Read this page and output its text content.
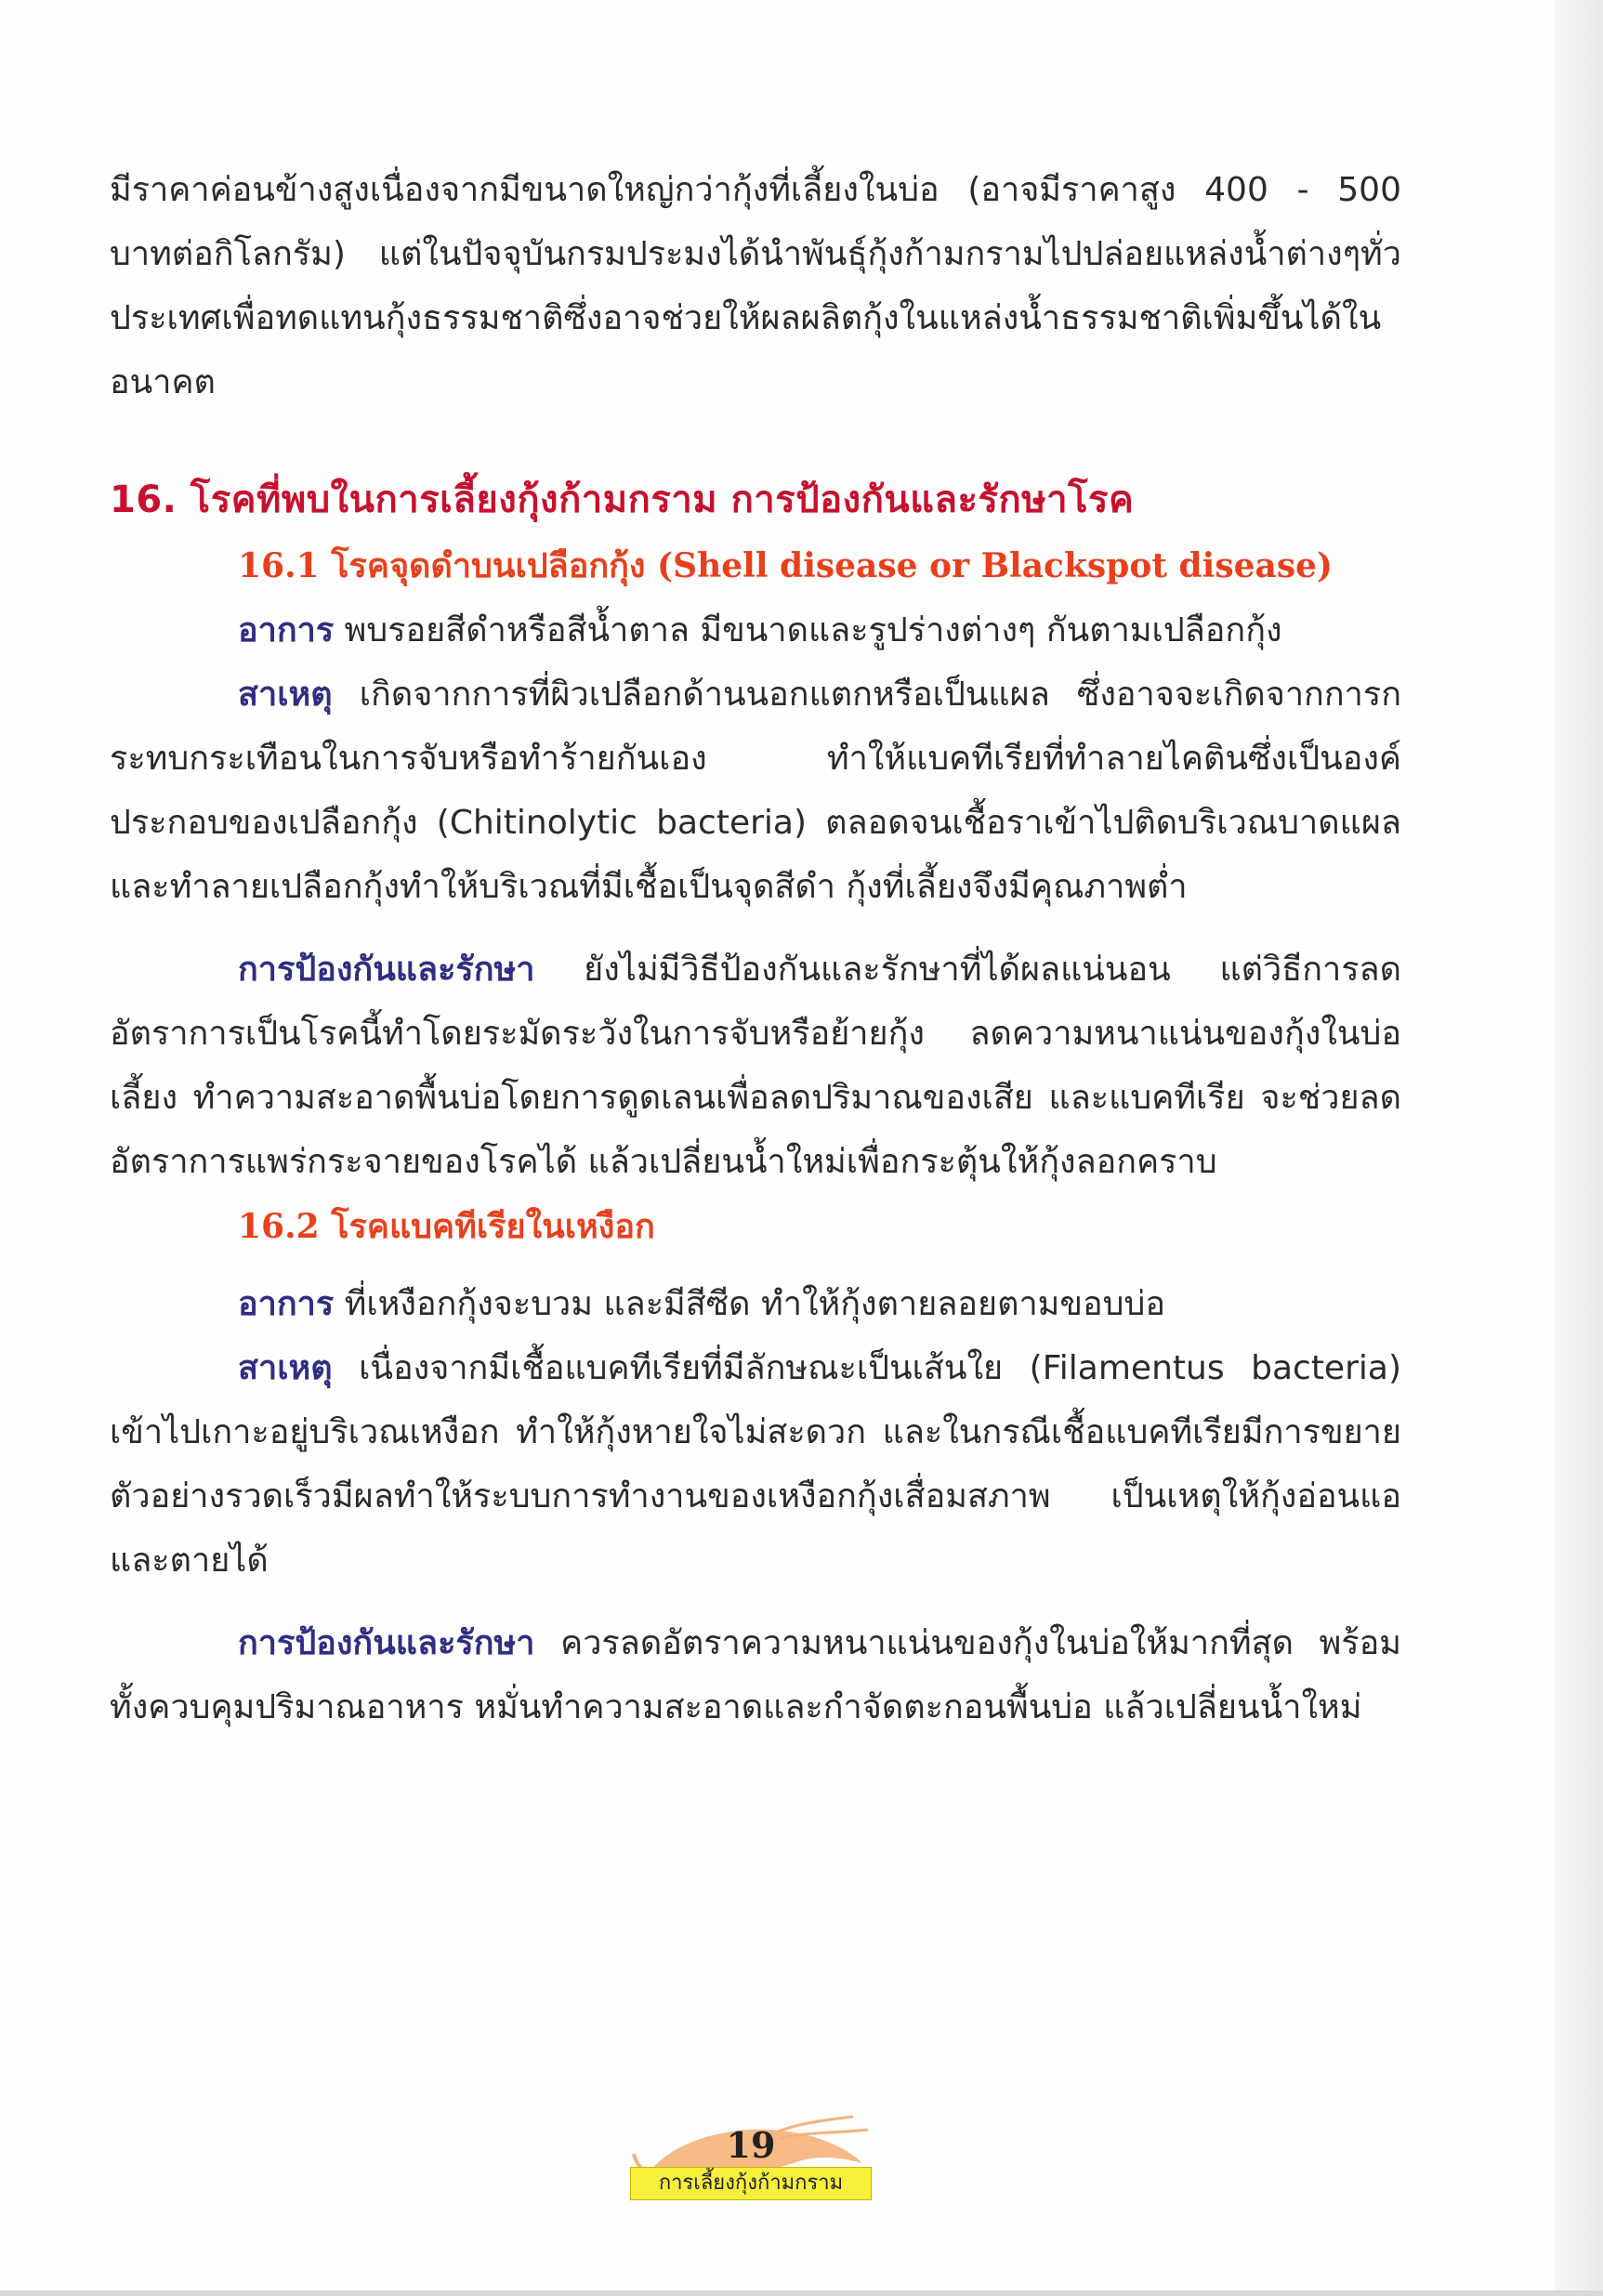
มีราคาค่อนข้างสูงเนื่องจากมีขนาดใหญ่กว่ากุ้งที่เลี้ยงในบ่อ (อาจมีราคาสูง 400 - 500 บาทต่อกิโลกรัม) แต่ในปัจจุบันกรมประมงได้นำพันธุ์กุ้งก้ามกรามไปปล่อยแหล่งน้ำต่างๆทั่วประเทศเพื่อทดแทนกุ้งธรรมชาติซึ่งอาจช่วยให้ผลผลิตกุ้งในแหล่งน้ำธรรมชาติเพิ่มขึ้นได้ในอนาคต

16. โรคที่พบในการเลี้ยงกุ้งก้ามกราม การป้องกันและรักษาโรค
16.1 โรคจุดดำบนเปลือกกุ้ง (Shell disease or Blackspot disease)

อาการ พบรอยสีดำหรือสีน้ำตาล มีขนาดและรูปร่างต่างๆ กันตามเปลือกกุ้ง

สาเหตุ เกิดจากการที่ผิวเปลือกด้านนอกแตกหรือเป็นแผล ซึ่งอาจจะเกิดจากการกระทบกระเทือนในการจับหรือทำร้ายกันเอง ทำให้แบคทีเรียที่ทำลายไคตินซึ่งเป็นองค์ประกอบของเปลือกกุ้ง (Chitinolytic bacteria) ตลอดจนเชื้อราเข้าไปติดบริเวณบาดแผลและทำลายเปลือกกุ้งทำให้บริเวณที่มีเชื้อเป็นจุดสีดำ กุ้งที่เลี้ยงจึงมีคุณภาพต่ำ

การป้องกันและรักษา ยังไม่มีวิธีป้องกันและรักษาที่ได้ผลแน่นอน แต่วิธีการลดอัตราการเป็นโรคนี้ทำโดยระมัดระวังในการจับหรือย้ายกุ้ง ลดความหนาแน่นของกุ้งในบ่อเลี้ยง ทำความสะอาดพื้นบ่อโดยการดูดเลนเพื่อลดปริมาณของเสีย และแบคทีเรีย จะช่วยลดอัตราการแพร่กระจายของโรคได้ แล้วเปลี่ยนน้ำใหม่เพื่อกระตุ้นให้กุ้งลอกคราบ

16.2 โรคแบคทีเรียในเหงือก

อาการ ที่เหงือกกุ้งจะบวม และมีสีซีด ทำให้กุ้งตายลอยตามขอบบ่อ

สาเหตุ เนื่องจากมีเชื้อแบคทีเรียที่มีลักษณะเป็นเส้นใย (Filamentus bacteria) เข้าไปเกาะอยู่บริเวณเหงือก ทำให้กุ้งหายใจไม่สะดวก และในกรณีเชื้อแบคทีเรียมีการขยายตัวอย่างรวดเร็วมีผลทำให้ระบบการทำงานของเหงือกกุ้งเสื่อมสภาพ เป็นเหตุให้กุ้งอ่อนแอและตายได้

การป้องกันและรักษา ควรลดอัตราความหนาแน่นของกุ้งในบ่อให้มากที่สุด พร้อมทั้งควบคุมปริมาณอาหาร หมั่นทำความสะอาดและกำจัดตะกอนพื้นบ่อ แล้วเปลี่ยนน้ำใหม่

19
การเลี้ยงกุ้งก้ามกราม
